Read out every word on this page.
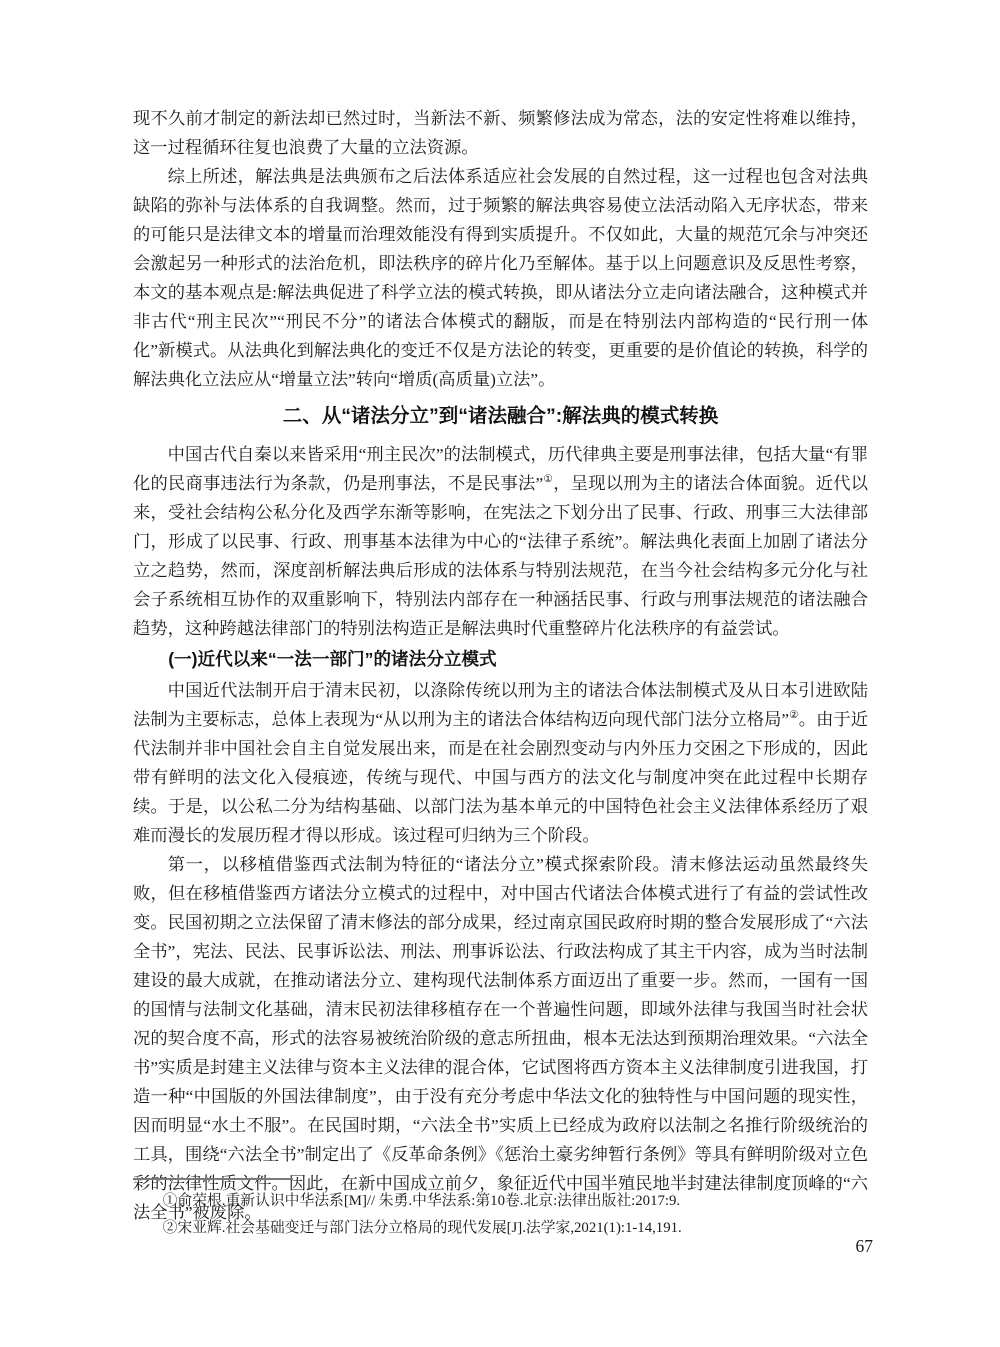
现不久前才制定的新法却已然过时，当新法不新、频繁修法成为常态，法的安定性将难以维持，这一过程循环往复也浪费了大量的立法资源。

综上所述，解法典是法典颁布之后法体系适应社会发展的自然过程，这一过程也包含对法典缺陷的弥补与法体系的自我调整。然而，过于频繁的解法典容易使立法活动陷入无序状态，带来的可能只是法律文本的增量而治理效能没有得到实质提升。不仅如此，大量的规范冗余与冲突还会激起另一种形式的法治危机，即法秩序的碎片化乃至解体。基于以上问题意识及反思性考察，本文的基本观点是:解法典促进了科学立法的模式转换，即从诸法分立走向诸法融合，这种模式并非古代“刑主民次”“刑民不分”的诸法合体模式的翻版，而是在特别法内部构造的“民行刑一体化”新模式。从法典化到解法典化的变迁不仅是方法论的转变，更重要的是价值论的转换，科学的解法典化立法应从“增量立法”转向“增质(高质量)立法”。

二、从“诸法分立”到“诸法融合”:解法典的模式转换

中国古代自秦以来皆采用“刑主民次”的法制模式，历代律典主要是刑事法律，包括大量“有罪化的民商事违法行为条款，仍是刑事法，不是民事法”①，呈现以刑为主的诸法合体面貌。近代以来，受社会结构公私分化及西学东渐等影响，在宪法之下划分出了民事、行政、刑事三大法律部门，形成了以民事、行政、刑事基本法律为中心的“法律子系统”。解法典化表面上加剧了诸法分立之趋势，然而，深度剖析解法典后形成的法体系与特别法规范，在当今社会结构多元分化与社会子系统相互协作的双重影响下，特别法内部存在一种涵括民事、行政与刑事法规范的诸法融合趋势，这种跨越法律部门的特别法构造正是解法典时代重整碎片化法秩序的有益尝试。

(一)近代以来“一法一部门”的诸法分立模式

中国近代法制开启于清末民初，以涤除传统以刑为主的诸法合体法制模式及从日本引进欧陆法制为主要标志，总体上表现为“从以刑为主的诸法合体结构迈向现代部门法分立格局”②。由于近代法制并非中国社会自主自觉发展出来，而是在社会剧烈变动与内外压力交困之下形成的，因此带有鲜明的法文化入侵痕迹，传统与现代、中国与西方的法文化与制度冲突在此过程中长期存续。于是，以公私二分为结构基础、以部门法为基本单元的中国特色社会主义法律体系经历了艰难而漫长的发展历程才得以形成。该过程可归纳为三个阶段。

第一，以移植借鉴西式法制为特征的“诸法分立”模式探索阶段。清末修法运动虽然最终失败，但在移植借鉴西方诸法分立模式的过程中，对中国古代诸法合体模式进行了有益的尝试性改变。民国初期之立法保留了清末修法的部分成果，经过南京国民政府时期的整合发展形成了“六法全书”，宪法、民法、民事诉讼法、刑法、刑事诉讼法、行政法构成了其主干内容，成为当时法制建设的最大成就，在推动诸法分立、建构现代法制体系方面迈出了重要一步。然而，一国有一国的国情与法制文化基础，清末民初法律移植存在一个普遍性问题，即域外法律与我国当时社会状况的契合度不高，形式的法容易被统治阶级的意志所扭曲，根本无法达到预期治理效果。“六法全书”实质是封建主义法律与资本主义法律的混合体，它试图将西方资本主义法律制度引进我国，打造一种“中国版的外国法律制度”，由于没有充分考虑中华法文化的独特性与中国问题的现实性，因而明显“水土不服”。在民国时期，“六法全书”实质上已经成为政府以法制之名推行阶级统治的工具，围绕“六法全书”制定出了《反革命条例》《惩治土豪劣绅暂行条例》等具有鲜明阶级对立色彩的法律性质文件。因此，在新中国成立前夕，象征近代中国半殖民地半封建法律制度顶峰的“六法全书”被废除。

①俞荣根.重新认识中华法系[M]// 朱勇.中华法系:第10卷.北京:法律出版社:2017:9.

②宋亚辉.社会基础变迁与部门法分立格局的现代发展[J].法学家,2021(1):1-14,191.

67
